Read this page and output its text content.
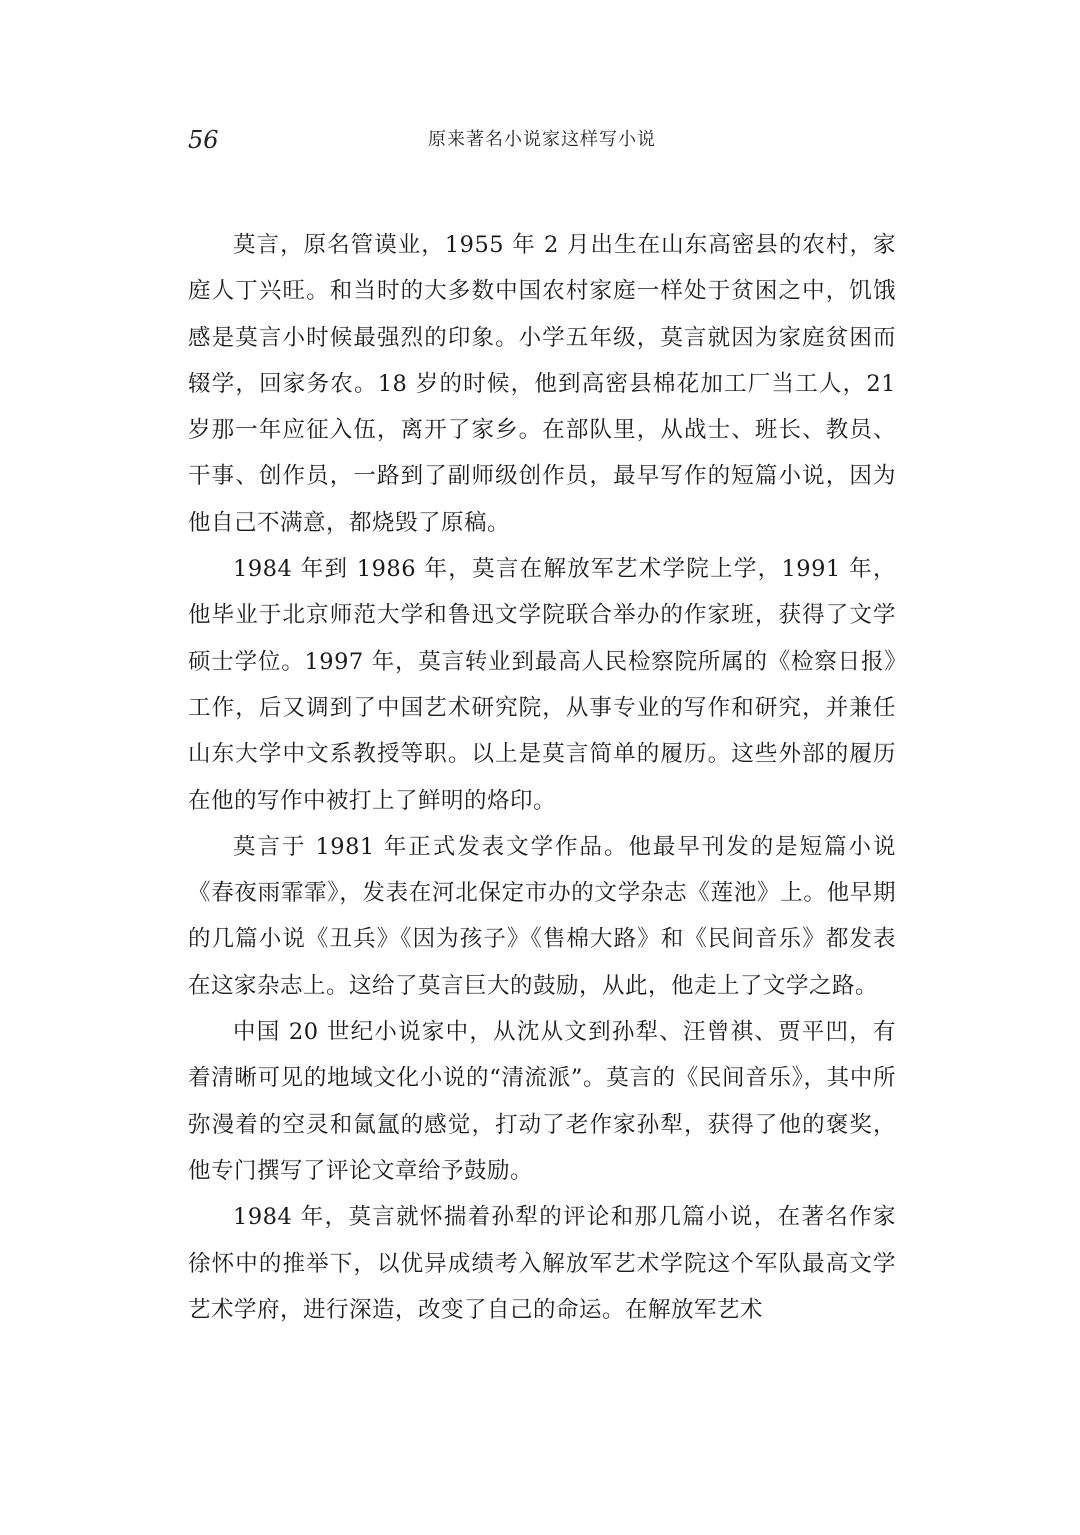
56	原来著名小说家这样写小说

莫言，原名管谟业，1955 年 2 月出生在山东高密县的农村，家庭人丁兴旺。和当时的大多数中国农村家庭一样处于贫困之中，饥饿感是莫言小时候最强烈的印象。小学五年级，莫言就因为家庭贫困而辍学，回家务农。18 岁的时候，他到高密县棉花加工厂当工人，21 岁那一年应征入伍，离开了家乡。在部队里，从战士、班长、教员、干事、创作员，一路到了副师级创作员，最早写作的短篇小说，因为他自己不满意，都烧毁了原稿。

1984 年到 1986 年，莫言在解放军艺术学院上学，1991 年，他毕业于北京师范大学和鲁迅文学院联合举办的作家班，获得了文学硕士学位。1997 年，莫言转业到最高人民检察院所属的《检察日报》工作，后又调到了中国艺术研究院，从事专业的写作和研究，并兼任山东大学中文系教授等职。以上是莫言简单的履历。这些外部的履历在他的写作中被打上了鲜明的烙印。

莫言于 1981 年正式发表文学作品。他最早刊发的是短篇小说《春夜雨霏霏》，发表在河北保定市办的文学杂志《莲池》上。他早期的几篇小说《丑兵》《因为孩子》《售棉大路》和《民间音乐》都发表在这家杂志上。这给了莫言巨大的鼓励，从此，他走上了文学之路。

中国 20 世纪小说家中，从沈从文到孙犁、汪曾祺、贾平凹，有着清晰可见的地域文化小说的“清流派”。莫言的《民间音乐》，其中所弥漫着的空灵和氤氲的感觉，打动了老作家孙犁，获得了他的褒奖，他专门撰写了评论文章给予鼓励。

1984 年，莫言就怀揣着孙犁的评论和那几篇小说，在著名作家徐怀中的推举下，以优异成绩考入解放军艺术学院这个军队最高文学艺术学府，进行深造，改变了自己的命运。在解放军艺术
